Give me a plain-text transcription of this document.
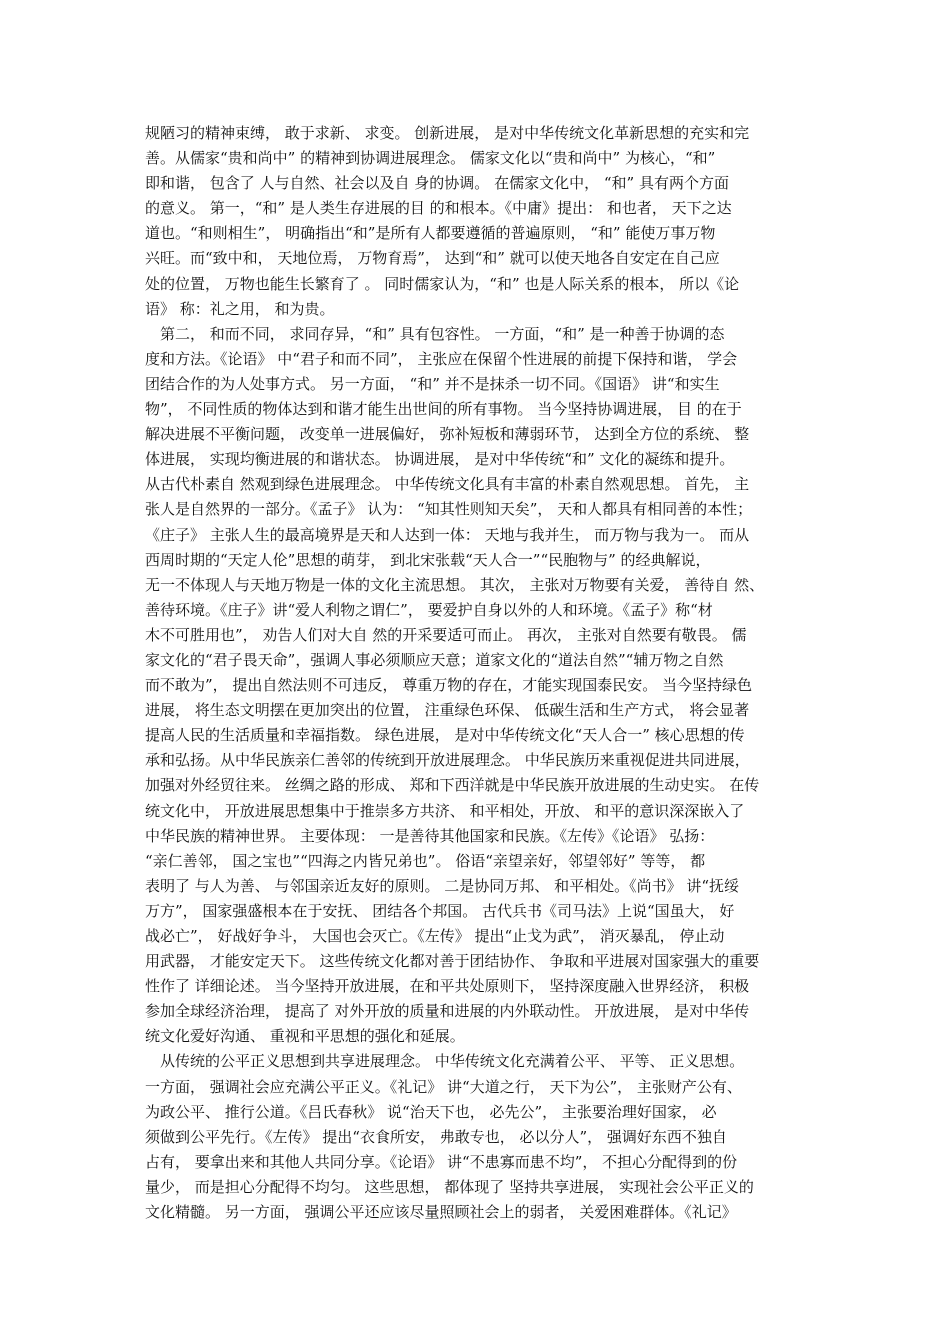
规陋习的精神束缚， 敢于求新、 求变。 创新进展， 是对中华传统文化革新思想的充实和完
善。从儒家“贵和尚中” 的精神到协调进展理念。 儒家文化以“贵和尚中” 为核心，“和”
即和谐， 包含了 人与自然、社会以及自 身的协调。 在儒家文化中， “和” 具有两个方面
的意义。 第一，“和” 是人类生存进展的目 的和根本。《中庸》提出： 和也者， 天下之达
道也。“和则相生”， 明确指出“和”是所有人都要遵循的普遍原则， “和” 能使万事万物
兴旺。而“致中和， 天地位焉， 万物育焉”， 达到“和” 就可以使天地各自安定在自己应
处的位置， 万物也能生长繁育了 。 同时儒家认为，“和” 也是人际关系的根本， 所以《论
语》 称：礼之用， 和为贵。
　第二， 和而不同， 求同存异，“和” 具有包容性。 一方面，“和” 是一种善于协调的态
度和方法。《论语》 中“君子和而不同”， 主张应在保留个性进展的前提下保持和谐， 学会
团结合作的为人处事方式。 另一方面， “和” 并不是抹杀一切不同。《国语》 讲“和实生
物”， 不同性质的物体达到和谐才能生出世间的所有事物。 当今坚持协调进展， 目 的在于
解决进展不平衡问题， 改变单一进展偏好， 弥补短板和薄弱环节， 达到全方位的系统、 整
体进展， 实现均衡进展的和谐状态。 协调进展， 是对中华传统“和” 文化的凝练和提升。
从古代朴素自 然观到绿色进展理念。 中华传统文化具有丰富的朴素自然观思想。 首先， 主
张人是自然界的一部分。《孟子》 认为： “知其性则知天矣”， 天和人都具有相同善的本性；
《庄子》 主张人生的最高境界是天和人达到一体： 天地与我并生， 而万物与我为一。 而从
西周时期的“天定人伦”思想的萌芽， 到北宋张载“天人合一”“民胞物与” 的经典解说，
无一不体现人与天地万物是一体的文化主流思想。 其次， 主张对万物要有关爱， 善待自 然、
善待环境。《庄子》讲“爱人利物之谓仁”， 要爱护自身以外的人和环境。《孟子》称“材
木不可胜用也”， 劝告人们对大自 然的开采要适可而止。 再次， 主张对自然要有敬畏。 儒
家文化的“君子畏天命”，强调人事必须顺应天意；道家文化的“道法自然”“辅万物之自然
而不敢为”， 提出自然法则不可违反， 尊重万物的存在，才能实现国泰民安。 当今坚持绿色
进展， 将生态文明摆在更加突出的位置， 注重绿色环保、 低碳生活和生产方式， 将会显著
提高人民的生活质量和幸福指数。 绿色进展， 是对中华传统文化“天人合一” 核心思想的传
承和弘扬。从中华民族亲仁善邻的传统到开放进展理念。 中华民族历来重视促进共同进展，
加强对外经贸往来。 丝绸之路的形成、 郑和下西洋就是中华民族开放进展的生动史实。 在传
统文化中， 开放进展思想集中于推崇多方共济、 和平相处，开放、 和平的意识深深嵌入了
中华民族的精神世界。 主要体现： 一是善待其他国家和民族。《左传》《论语》 弘扬：
“亲仁善邻， 国之宝也”“四海之内皆兄弟也”。 俗语“亲望亲好，邻望邻好” 等等， 都
表明了 与人为善、 与邻国亲近友好的原则。 二是协同万邦、 和平相处。《尚书》 讲“抚绥
万方”， 国家强盛根本在于安抚、 团结各个邦国。 古代兵书《司马法》上说“国虽大， 好
战必亡”， 好战好争斗， 大国也会灭亡。《左传》 提出“止戈为武”， 消灭暴乱， 停止动
用武器， 才能安定天下。 这些传统文化都对善于团结协作、 争取和平进展对国家强大的重要
性作了 详细论述。 当今坚持开放进展，在和平共处原则下， 坚持深度融入世界经济， 积极
参加全球经济治理， 提高了 对外开放的质量和进展的内外联动性。 开放进展， 是对中华传
统文化爱好沟通、 重视和平思想的强化和延展。
　从传统的公平正义思想到共享进展理念。 中华传统文化充满着公平、 平等、 正义思想。
一方面， 强调社会应充满公平正义。《礼记》 讲“大道之行， 天下为公”， 主张财产公有、
为政公平、 推行公道。《吕氏春秋》 说“治天下也， 必先公”， 主张要治理好国家， 必
须做到公平先行。《左传》 提出“衣食所安， 弗敢专也， 必以分人”， 强调好东西不独自
占有， 要拿出来和其他人共同分享。《论语》 讲“不患寡而患不均”， 不担心分配得到的份
量少， 而是担心分配得不均匀。 这些思想， 都体现了 坚持共享进展， 实现社会公平正义的
文化精髓。 另一方面， 强调公平还应该尽量照顾社会上的弱者， 关爱困难群体。《礼记》
